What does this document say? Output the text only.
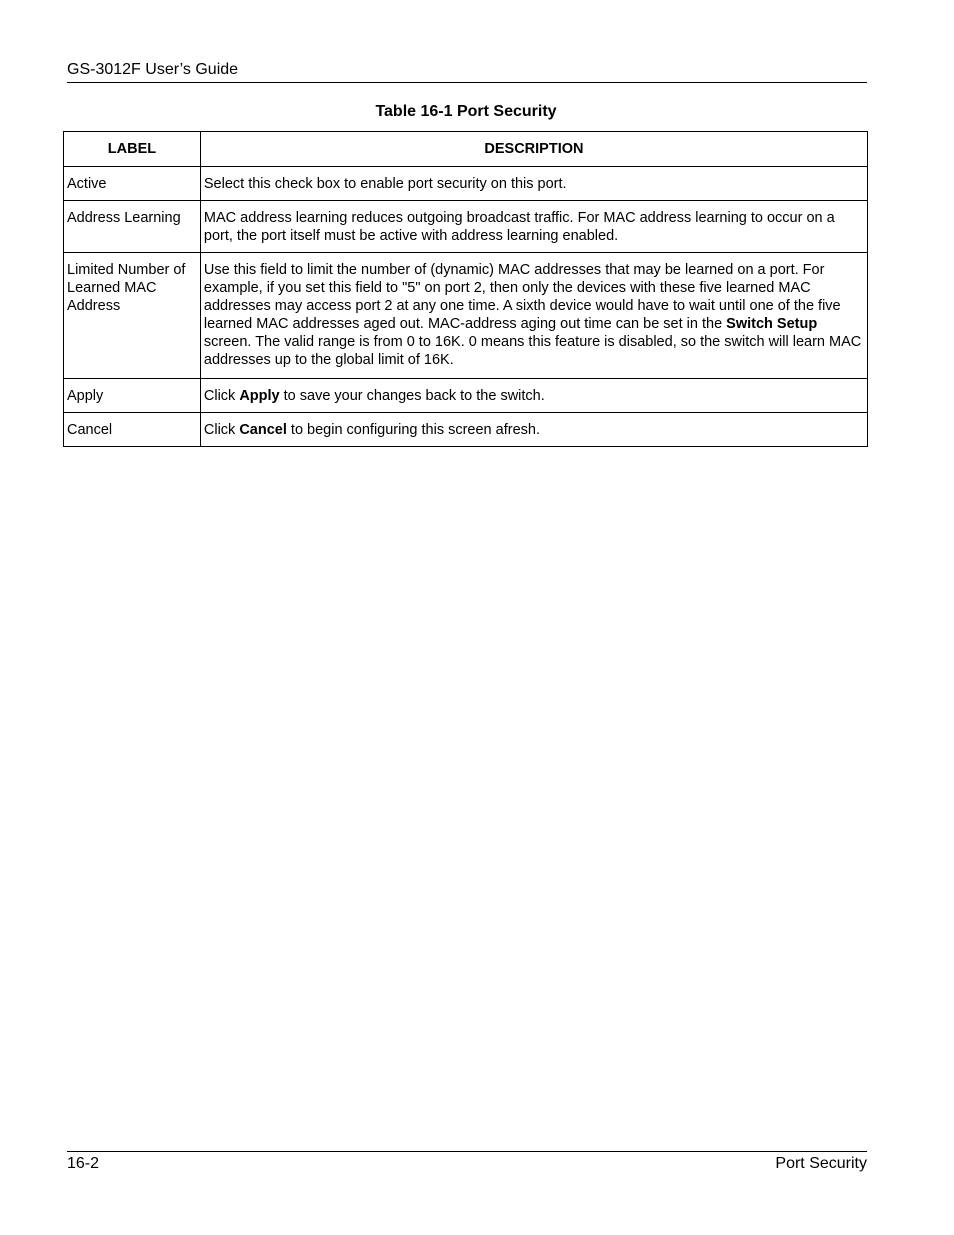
GS-3012F User’s Guide
Table 16-1 Port Security
LABEL	DESCRIPTION
Active	Select this check box to enable port security on this port.
Address Learning	MAC address learning reduces outgoing broadcast traffic. For MAC address learning to occur on a port, the port itself must be active with address learning enabled.
Limited Number of Learned MAC Address	Use this field to limit the number of (dynamic) MAC addresses that may be learned on a port. For example, if you set this field to "5" on port 2, then only the devices with these five learned MAC addresses may access port 2 at any one time. A sixth device would have to wait until one of the five learned MAC addresses aged out. MAC-address aging out time can be set in the Switch Setup screen. The valid range is from 0 to 16K. 0 means this feature is disabled, so the switch will learn MAC addresses up to the global limit of 16K.
Apply	Click Apply to save your changes back to the switch.
Cancel	Click Cancel to begin configuring this screen afresh.
16-2	Port Security
